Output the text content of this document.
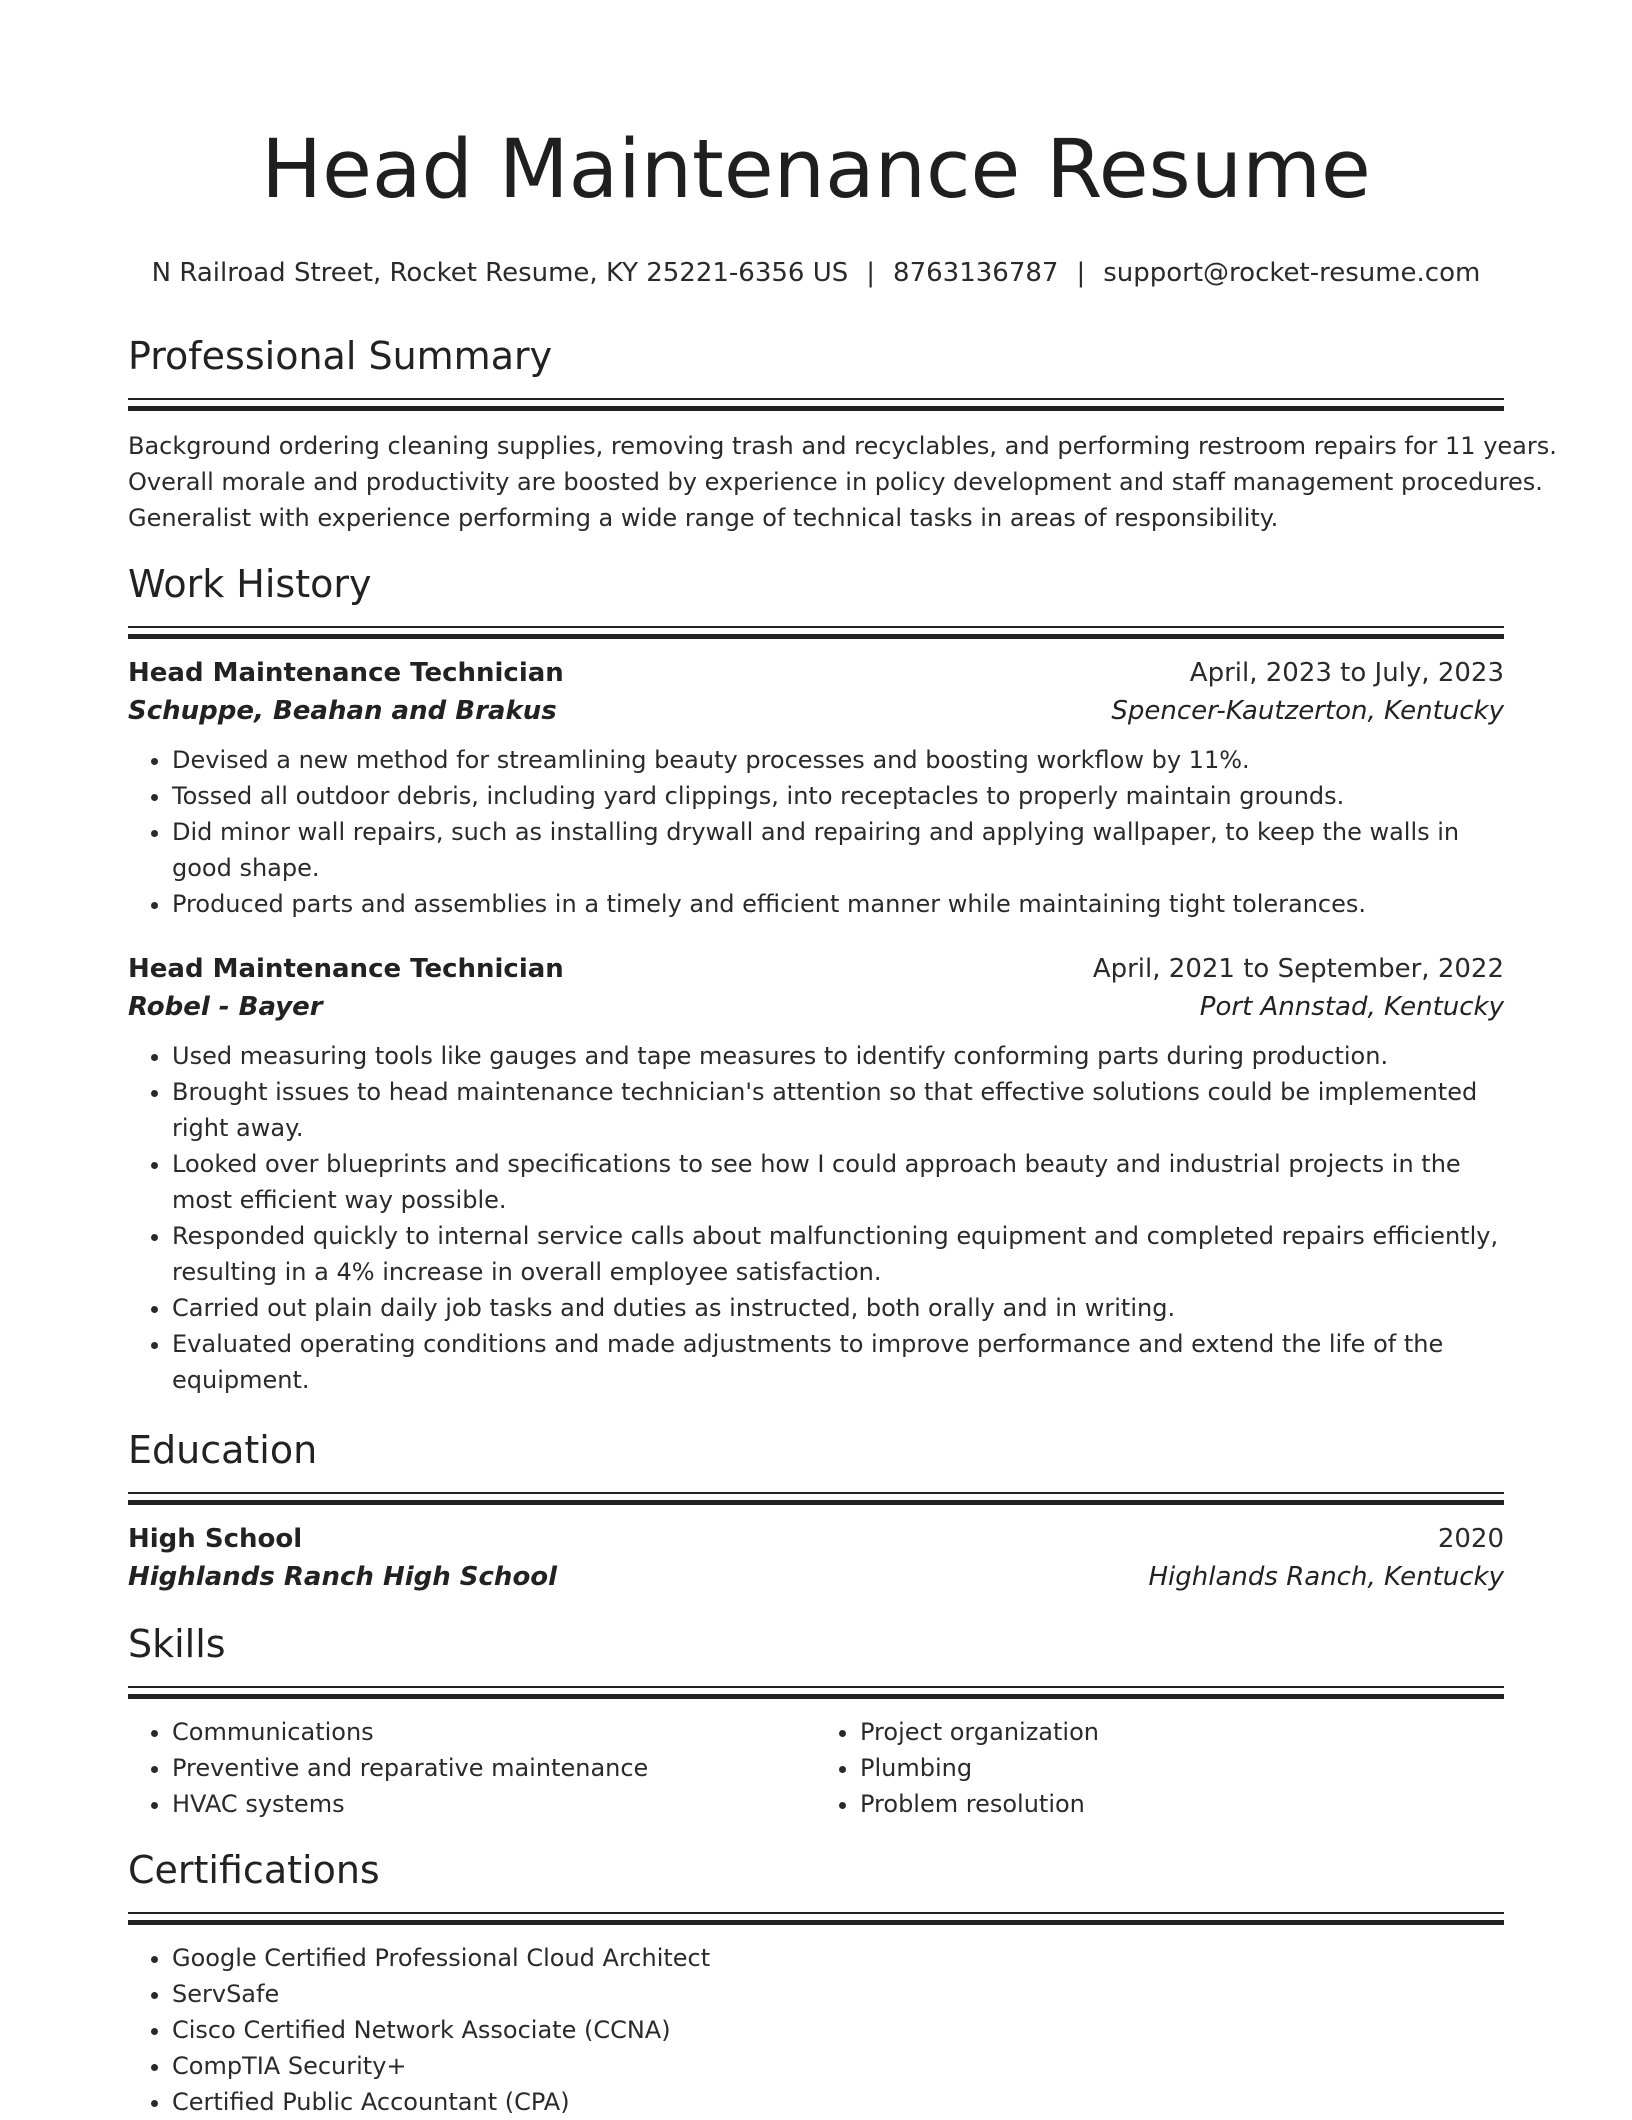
Head Maintenance Resume
N Railroad Street, Rocket Resume, KY 25221-6356 US | 8763136787 | support@rocket-resume.com
Professional Summary
Background ordering cleaning supplies, removing trash and recyclables, and performing restroom repairs for 11 years.
Overall morale and productivity are boosted by experience in policy development and staff management procedures.
Generalist with experience performing a wide range of technical tasks in areas of responsibility.
Work History
Head Maintenance Technician	April, 2023 to July, 2023
Schuppe, Beahan and Brakus	Spencer-Kautzerton, Kentucky
• Devised a new method for streamlining beauty processes and boosting workflow by 11%.
• Tossed all outdoor debris, including yard clippings, into receptacles to properly maintain grounds.
• Did minor wall repairs, such as installing drywall and repairing and applying wallpaper, to keep the walls in good shape.
• Produced parts and assemblies in a timely and efficient manner while maintaining tight tolerances.
Head Maintenance Technician	April, 2021 to September, 2022
Robel - Bayer	Port Annstad, Kentucky
• Used measuring tools like gauges and tape measures to identify conforming parts during production.
• Brought issues to head maintenance technician's attention so that effective solutions could be implemented right away.
• Looked over blueprints and specifications to see how I could approach beauty and industrial projects in the most efficient way possible.
• Responded quickly to internal service calls about malfunctioning equipment and completed repairs efficiently, resulting in a 4% increase in overall employee satisfaction.
• Carried out plain daily job tasks and duties as instructed, both orally and in writing.
• Evaluated operating conditions and made adjustments to improve performance and extend the life of the equipment.
Education
High School	2020
Highlands Ranch High School	Highlands Ranch, Kentucky
Skills
• Communications
• Preventive and reparative maintenance
• HVAC systems
• Project organization
• Plumbing
• Problem resolution
Certifications
• Google Certified Professional Cloud Architect
• ServSafe
• Cisco Certified Network Associate (CCNA)
• CompTIA Security+
• Certified Public Accountant (CPA)
